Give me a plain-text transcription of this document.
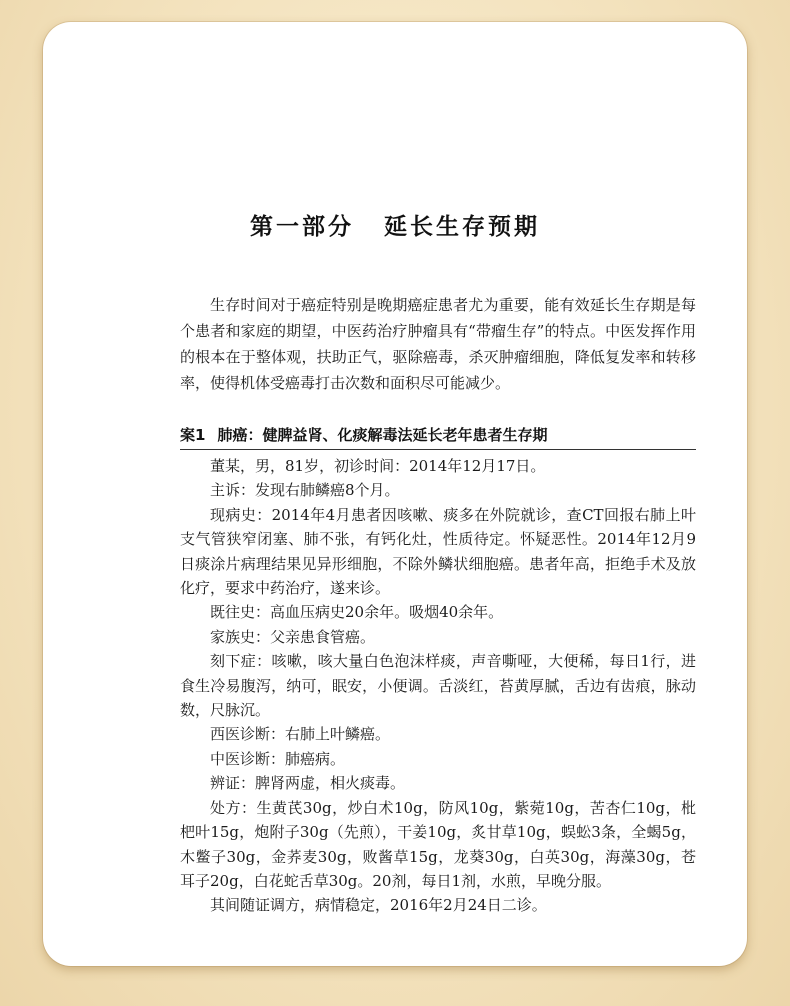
第一部分 延长生存预期

生存时间对于癌症特别是晚期癌症患者尤为重要，能有效延长生存期是每个患者和家庭的期望，中医药治疗肿瘤具有“带瘤生存”的特点。中医发挥作用的根本在于整体观，扶助正气，驱除癌毒，杀灭肿瘤细胞，降低复发率和转移率，使得机体受癌毒打击次数和面积尽可能减少。

案1 肺癌：健脾益肾、化痰解毒法延长老年患者生存期

董某，男，81岁，初诊时间：2014年12月17日。

主诉：发现右肺鳞癌8个月。

现病史：2014年4月患者因咳嗽、痰多在外院就诊，查CT回报右肺上叶支气管狭窄闭塞、肺不张，有钙化灶，性质待定。怀疑恶性。2014年12月9日痰涂片病理结果见异形细胞，不除外鳞状细胞癌。患者年高，拒绝手术及放化疗，要求中药治疗，遂来诊。

既往史：高血压病史20余年。吸烟40余年。

家族史：父亲患食管癌。

刻下症：咳嗽，咳大量白色泡沫样痰，声音嘶哑，大便稀，每日1行，进食生冷易腹泻，纳可，眠安，小便调。舌淡红，苔黄厚腻，舌边有齿痕，脉动数，尺脉沉。

西医诊断：右肺上叶鳞癌。

中医诊断：肺癌病。

辨证：脾肾两虚，相火痰毒。

处方：生黄芪30g，炒白术10g，防风10g，紫菀10g，苦杏仁10g，枇杷叶15g，炮附子30g（先煎），干姜10g，炙甘草10g，蜈蚣3条，全蝎5g，木鳖子30g，金荞麦30g，败酱草15g，龙葵30g，白英30g，海藻30g，苍耳子20g，白花蛇舌草30g。20剂，每日1剂，水煎，早晚分服。

其间随证调方，病情稳定，2016年2月24日二诊。
